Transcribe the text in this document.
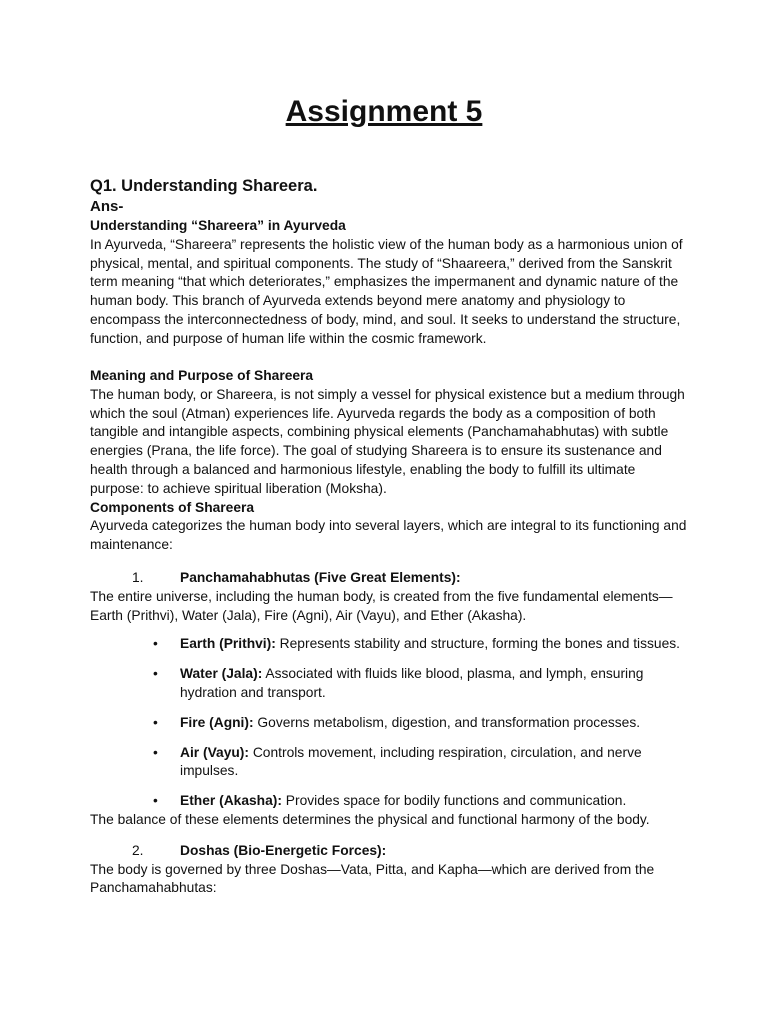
Assignment 5

Q1. Understanding Shareera.

Ans-

Understanding “Shareera” in Ayurveda

In Ayurveda, “Shareera” represents the holistic view of the human body as a harmonious union of physical, mental, and spiritual components. The study of “Shaareera,” derived from the Sanskrit term meaning “that which deteriorates,” emphasizes the impermanent and dynamic nature of the human body. This branch of Ayurveda extends beyond mere anatomy and physiology to encompass the interconnectedness of body, mind, and soul. It seeks to understand the structure, function, and purpose of human life within the cosmic framework.

Meaning and Purpose of Shareera

The human body, or Shareera, is not simply a vessel for physical existence but a medium through which the soul (Atman) experiences life. Ayurveda regards the body as a composition of both tangible and intangible aspects, combining physical elements (Panchamahabhutas) with subtle energies (Prana, the life force). The goal of studying Shareera is to ensure its sustenance and health through a balanced and harmonious lifestyle, enabling the body to fulfill its ultimate purpose: to achieve spiritual liberation (Moksha).

Components of Shareera

Ayurveda categorizes the human body into several layers, which are integral to its functioning and maintenance:

1.	Panchamahabhutas (Five Great Elements):

The entire universe, including the human body, is created from the five fundamental elements—Earth (Prithvi), Water (Jala), Fire (Agni), Air (Vayu), and Ether (Akasha).

• Earth (Prithvi): Represents stability and structure, forming the bones and tissues.
• Water (Jala): Associated with fluids like blood, plasma, and lymph, ensuring hydration and transport.
• Fire (Agni): Governs metabolism, digestion, and transformation processes.
• Air (Vayu): Controls movement, including respiration, circulation, and nerve impulses.
• Ether (Akasha): Provides space for bodily functions and communication.

The balance of these elements determines the physical and functional harmony of the body.

2.	Doshas (Bio-Energetic Forces):

The body is governed by three Doshas—Vata, Pitta, and Kapha—which are derived from the Panchamahabhutas:
